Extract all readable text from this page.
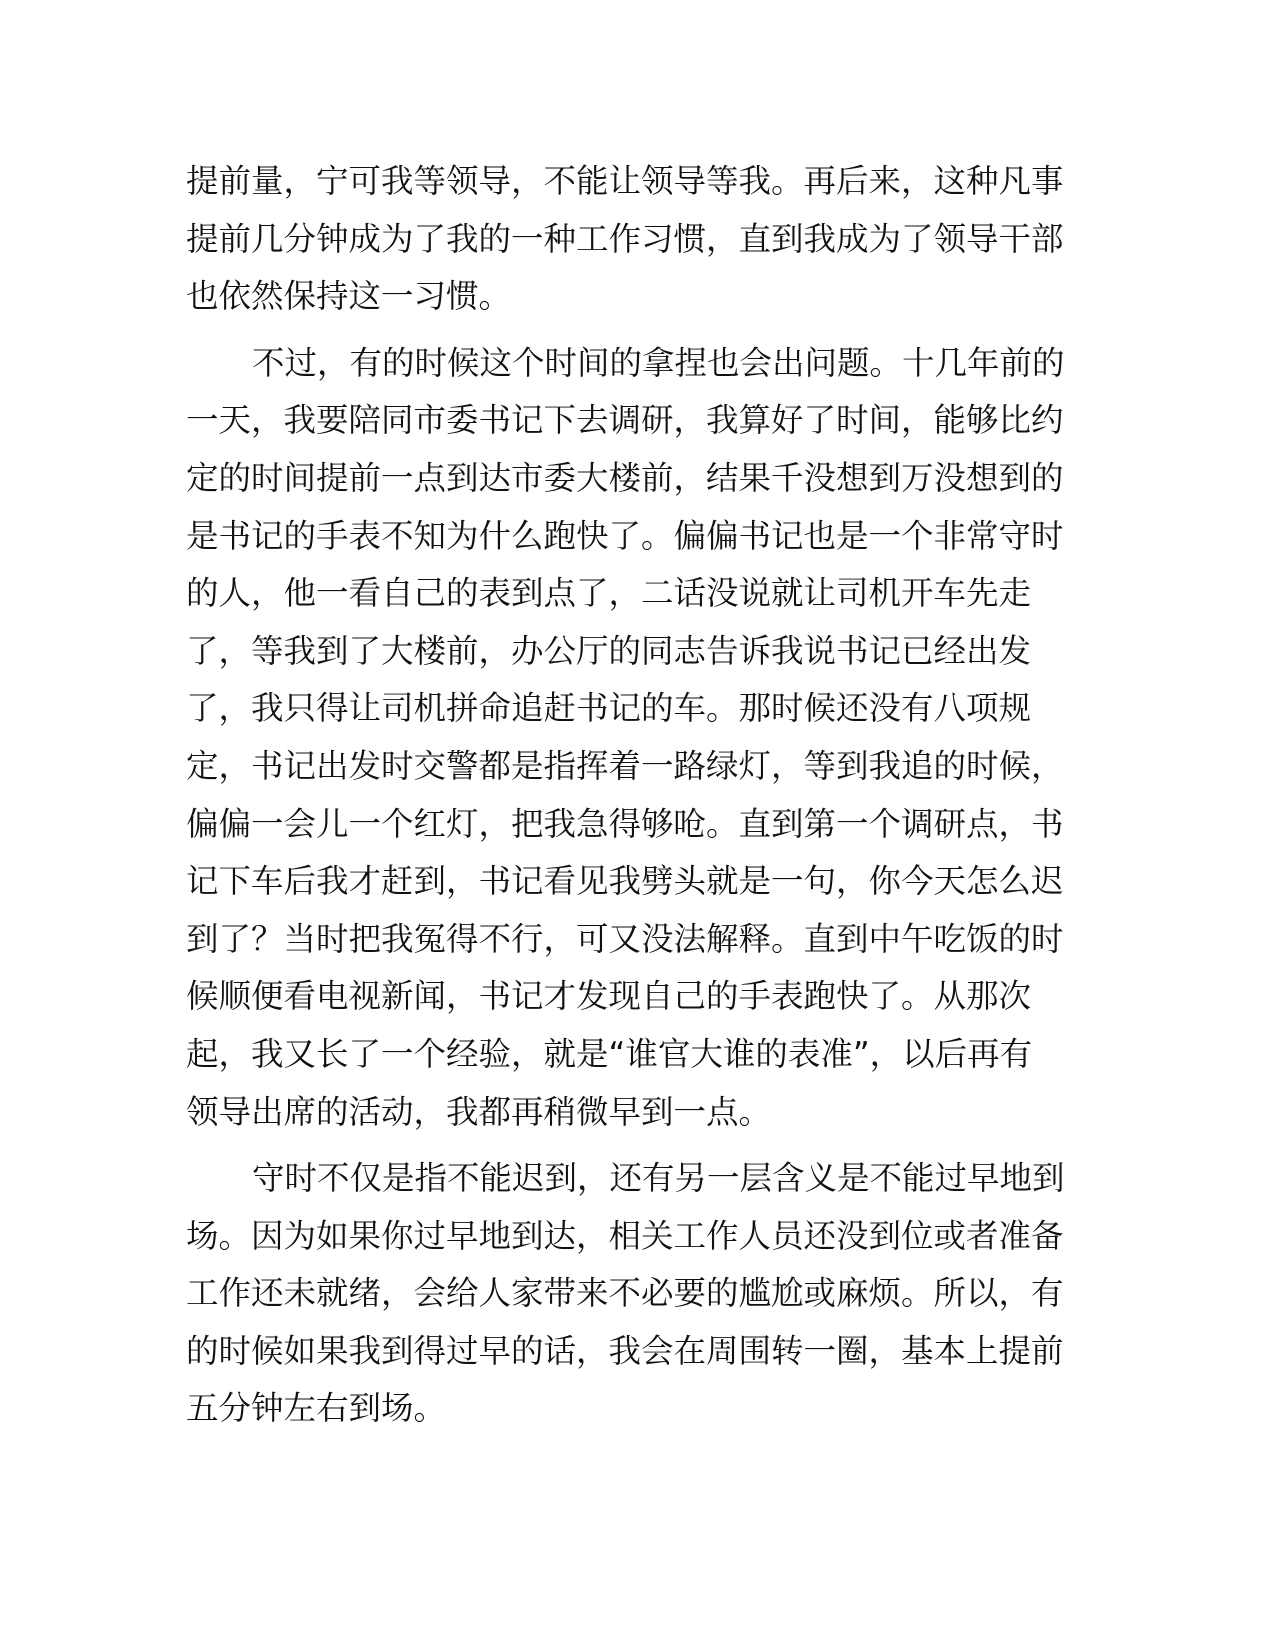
提前量，宁可我等领导，不能让领导等我。再后来，这种凡事
提前几分钟成为了我的一种工作习惯，直到我成为了领导干部
也依然保持这一习惯。
不过，有的时候这个时间的拿捏也会出问题。十几年前的
一天，我要陪同市委书记下去调研，我算好了时间，能够比约
定的时间提前一点到达市委大楼前，结果千没想到万没想到的
是书记的手表不知为什么跑快了。偏偏书记也是一个非常守时
的人，他一看自己的表到点了，二话没说就让司机开车先走
了，等我到了大楼前，办公厅的同志告诉我说书记已经出发
了，我只得让司机拼命追赶书记的车。那时候还没有八项规
定，书记出发时交警都是指挥着一路绿灯，等到我追的时候，
偏偏一会儿一个红灯，把我急得够呛。直到第一个调研点，书
记下车后我才赶到，书记看见我劈头就是一句，你今天怎么迟
到了？当时把我冤得不行，可又没法解释。直到中午吃饭的时
候顺便看电视新闻，书记才发现自己的手表跑快了。从那次
起，我又长了一个经验，就是“谁官大谁的表准”，以后再有
领导出席的活动，我都再稍微早到一点。
守时不仅是指不能迟到，还有另一层含义是不能过早地到
场。因为如果你过早地到达，相关工作人员还没到位或者准备
工作还未就绪，会给人家带来不必要的尴尬或麻烦。所以，有
的时候如果我到得过早的话，我会在周围转一圈，基本上提前
五分钟左右到场。
